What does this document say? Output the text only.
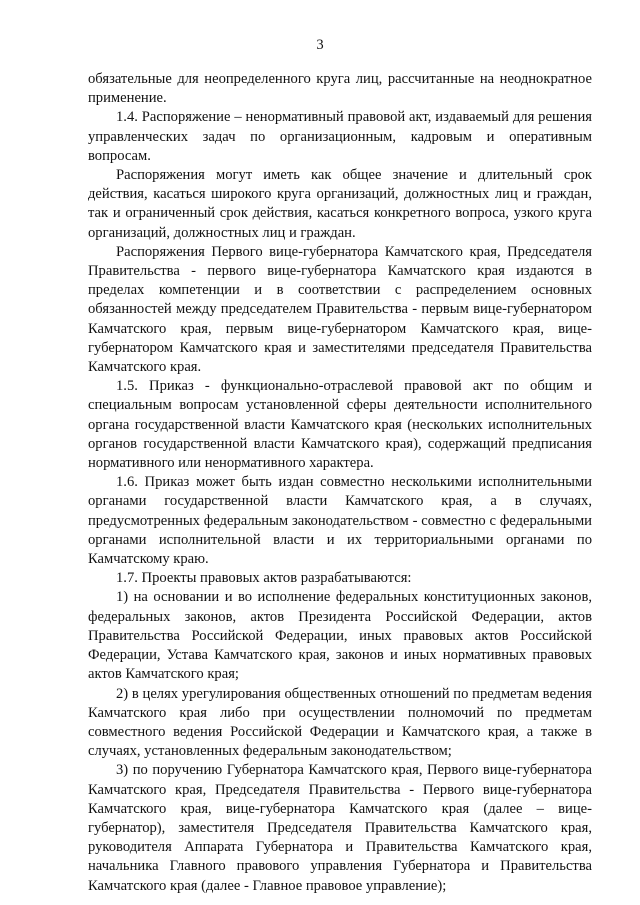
3

обязательные для неопределенного круга лиц, рассчитанные на неоднократное применение.

1.4. Распоряжение – ненормативный правовой акт, издаваемый для решения управленческих задач по организационным, кадровым и оперативным вопросам.

Распоряжения могут иметь как общее значение и длительный срок действия, касаться широкого круга организаций, должностных лиц и граждан, так и ограниченный срок действия, касаться конкретного вопроса, узкого круга организаций, должностных лиц и граждан.

Распоряжения Первого вице-губернатора Камчатского края, Председателя Правительства - первого вице-губернатора Камчатского края издаются в пределах компетенции и в соответствии с распределением основных обязанностей между председателем Правительства - первым вице-губернатором Камчатского края, первым вице-губернатором Камчатского края, вице-губернатором Камчатского края и заместителями председателя Правительства Камчатского края.

1.5. Приказ - функционально-отраслевой правовой акт по общим и специальным вопросам установленной сферы деятельности исполнительного органа государственной власти Камчатского края (нескольких исполнительных органов государственной власти Камчатского края), содержащий предписания нормативного или ненормативного характера.

1.6. Приказ может быть издан совместно несколькими исполнительными органами государственной власти Камчатского края, а в случаях, предусмотренных федеральным законодательством - совместно с федеральными органами исполнительной власти и их территориальными органами по Камчатскому краю.

1.7. Проекты правовых актов разрабатываются:

1) на основании и во исполнение федеральных конституционных законов, федеральных законов, актов Президента Российской Федерации, актов Правительства Российской Федерации, иных правовых актов Российской Федерации, Устава Камчатского края, законов и иных нормативных правовых актов Камчатского края;

2) в целях урегулирования общественных отношений по предметам ведения Камчатского края либо при осуществлении полномочий по предметам совместного ведения Российской Федерации и Камчатского края, а также в случаях, установленных федеральным законодательством;

3) по поручению Губернатора Камчатского края, Первого вице-губернатора Камчатского края, Председателя Правительства - Первого вице-губернатора Камчатского края, вице-губернатора Камчатского края (далее – вице-губернатор), заместителя Председателя Правительства Камчатского края, руководителя Аппарата Губернатора и Правительства Камчатского края, начальника Главного правового управления Губернатора и Правительства Камчатского края (далее - Главное правовое управление);
